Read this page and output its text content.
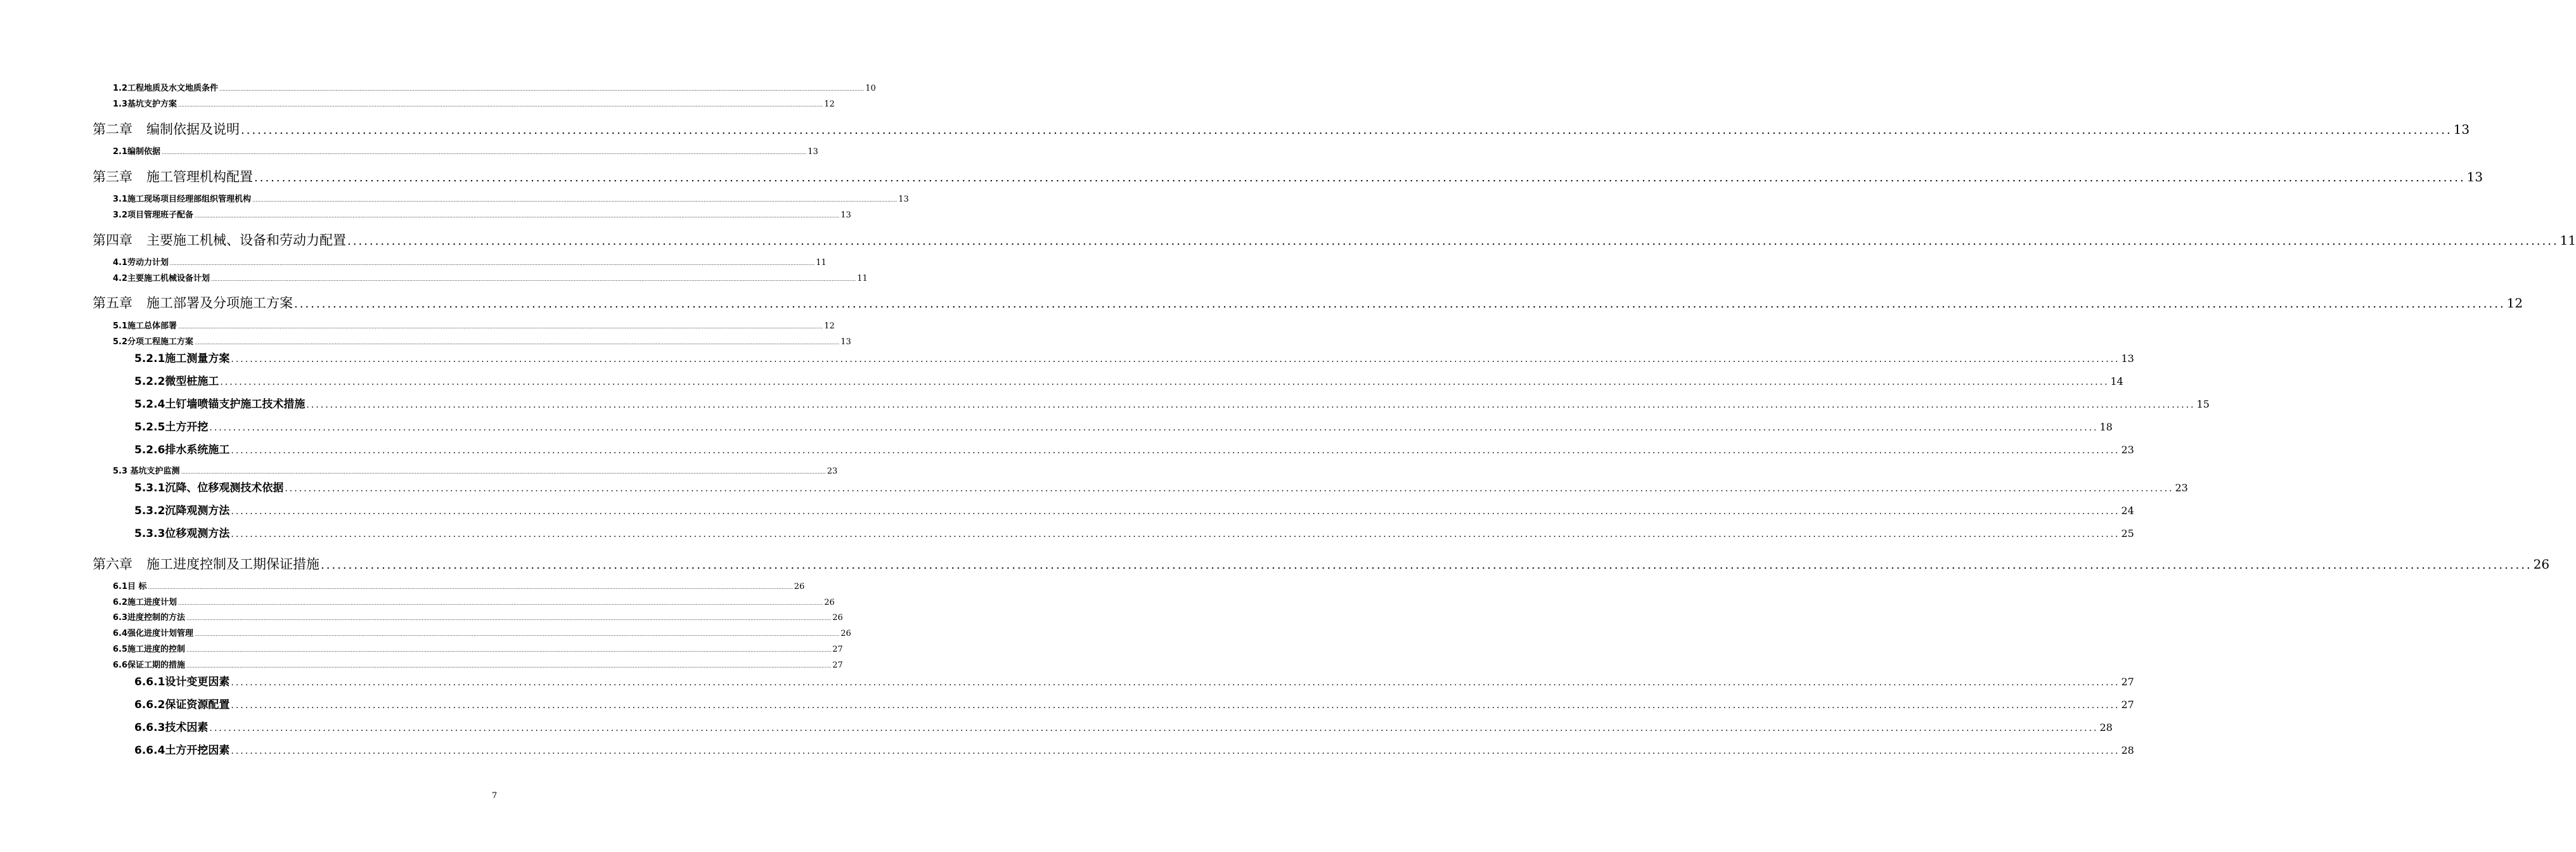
1.2工程地质及水文地质条件 ................................................................................................................................................................................................................................................................................................................................................................................................................ 10
1.3基坑支护方案 ................................................................................................................................................................................................................................................................................................................................................................................................................ 12
第二章 编制依据及说明 ................................................................................................................................................................................................................................................................................................................................................................................................................ 13
2.1编制依据 ................................................................................................................................................................................................................................................................................................................................................................................................................ 13
第三章 施工管理机构配置 ................................................................................................................................................................................................................................................................................................................................................................................................................ 13
3.1施工现场项目经理部组织管理机构 ................................................................................................................................................................................................................................................................................................................................................................................................................ 13
3.2项目管理班子配备 ................................................................................................................................................................................................................................................................................................................................................................................................................ 13
第四章 主要施工机械、设备和劳动力配置 ................................................................................................................................................................................................................................................................................................................................................................................................................ 11
4.1劳动力计划 ................................................................................................................................................................................................................................................................................................................................................................................................................ 11
4.2主要施工机械设备计划 ................................................................................................................................................................................................................................................................................................................................................................................................................ 11
第五章 施工部署及分项施工方案 ................................................................................................................................................................................................................................................................................................................................................................................................................ 12
5.1施工总体部署 ................................................................................................................................................................................................................................................................................................................................................................................................................ 12
5.2分项工程施工方案 ................................................................................................................................................................................................................................................................................................................................................................................................................ 13
5.2.1施工测量方案 ................................................................................................................................................................................................................................................................................................................................................................................................................ 13
5.2.2微型桩施工 ................................................................................................................................................................................................................................................................................................................................................................................................................ 14
5.2.4土钉墙喷锚支护施工技术措施 ................................................................................................................................................................................................................................................................................................................................................................................................................ 15
5.2.5土方开挖 ................................................................................................................................................................................................................................................................................................................................................................................................................ 18
5.2.6排水系统施工 ................................................................................................................................................................................................................................................................................................................................................................................................................ 23
5.3 基坑支护监测 ................................................................................................................................................................................................................................................................................................................................................................................................................ 23
5.3.1沉降、位移观测技术依据 ................................................................................................................................................................................................................................................................................................................................................................................................................ 23
5.3.2沉降观测方法 ................................................................................................................................................................................................................................................................................................................................................................................................................ 24
5.3.3位移观测方法 ................................................................................................................................................................................................................................................................................................................................................................................................................ 25
第六章 施工进度控制及工期保证措施 ................................................................................................................................................................................................................................................................................................................................................................................................................ 26
6.1目 标 ................................................................................................................................................................................................................................................................................................................................................................................................................ 26
6.2施工进度计划 ................................................................................................................................................................................................................................................................................................................................................................................................................ 26
6.3进度控制的方法 ................................................................................................................................................................................................................................................................................................................................................................................................................ 26
6.4强化进度计划管理 ................................................................................................................................................................................................................................................................................................................................................................................................................ 26
6.5施工进度的控制 ................................................................................................................................................................................................................................................................................................................................................................................................................ 27
6.6保证工期的措施 ................................................................................................................................................................................................................................................................................................................................................................................................................ 27
6.6.1设计变更因素 ................................................................................................................................................................................................................................................................................................................................................................................................................ 27
6.6.2保证资源配置 ................................................................................................................................................................................................................................................................................................................................................................................................................ 27
6.6.3技术因素 ................................................................................................................................................................................................................................................................................................................................................................................................................ 28
6.6.4土方开挖因素 ................................................................................................................................................................................................................................................................................................................................................................................................................ 28
7
